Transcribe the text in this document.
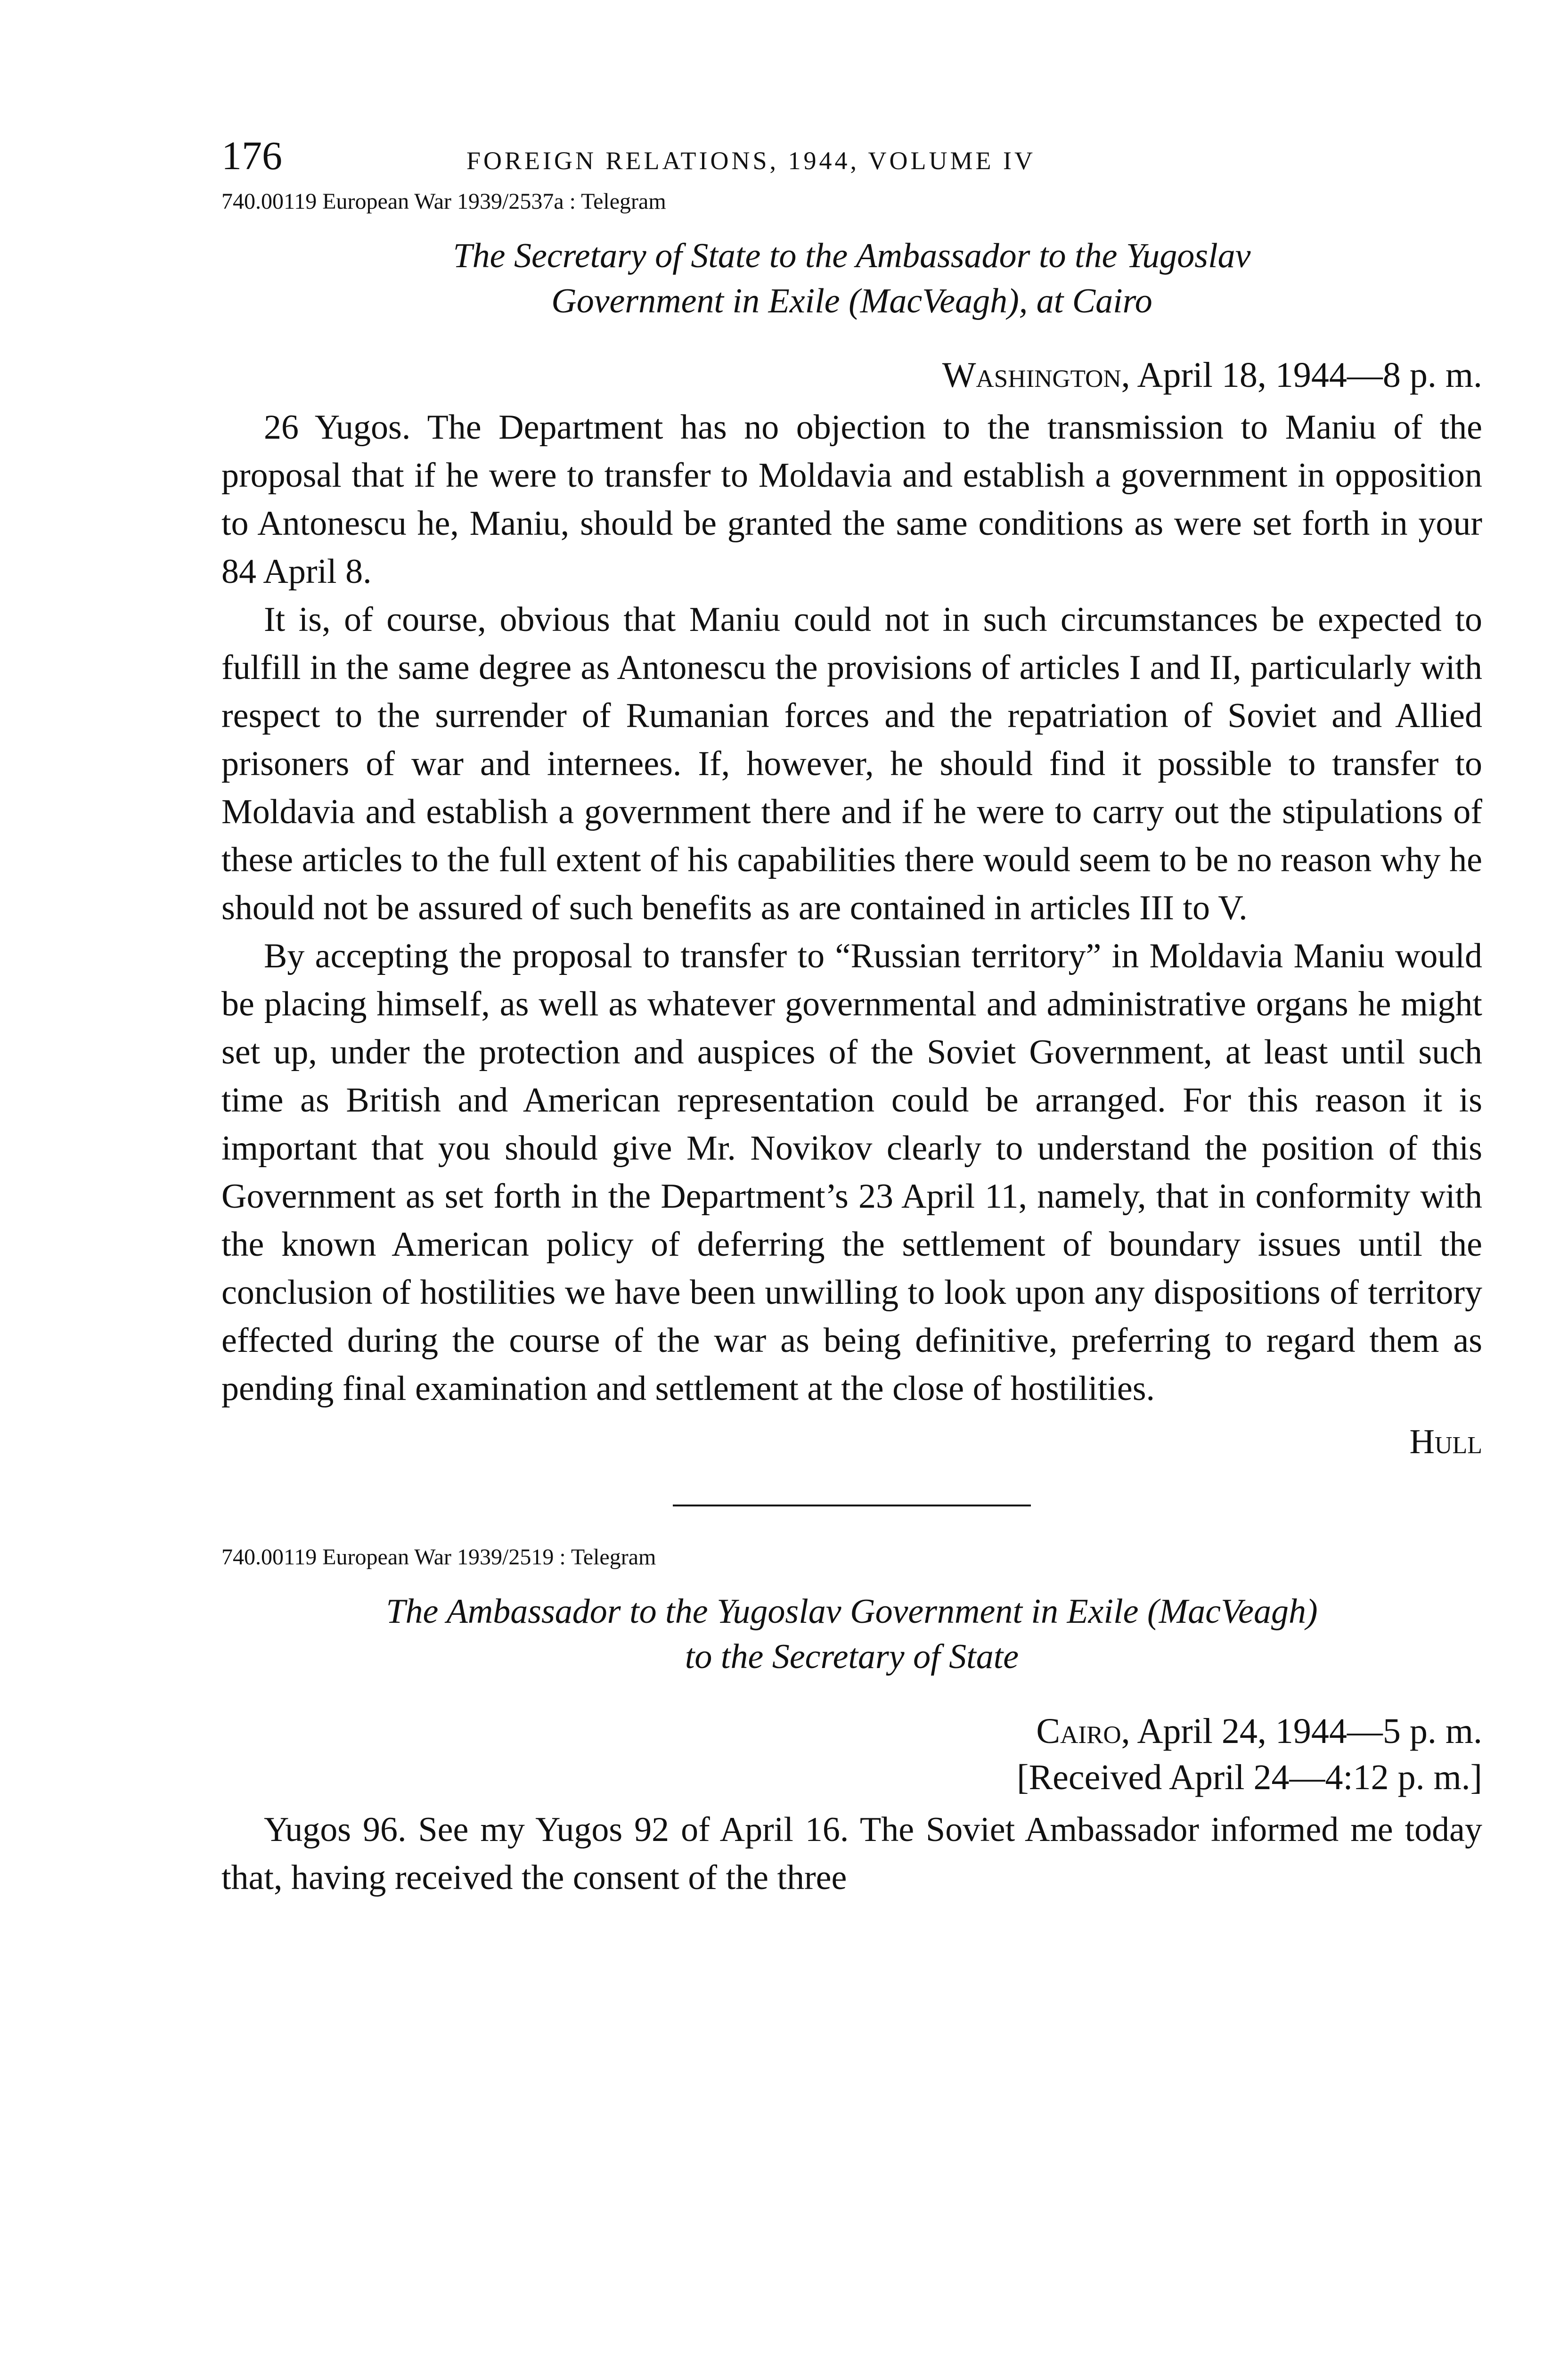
176	FOREIGN RELATIONS, 1944, VOLUME IV
740.00119 European War 1939/2537a : Telegram
The Secretary of State to the Ambassador to the Yugoslav
Government in Exile (MacVeagh), at Cairo
Washington, April 18, 1944—8 p. m.

26 Yugos. The Department has no objection to the transmission to Maniu of the proposal that if he were to transfer to Moldavia and establish a government in opposition to Antonescu he, Maniu, should be granted the same conditions as were set forth in your 84 April 8.

It is, of course, obvious that Maniu could not in such circumstances be expected to fulfill in the same degree as Antonescu the provisions of articles I and II, particularly with respect to the surrender of Rumanian forces and the repatriation of Soviet and Allied prisoners of war and internees. If, however, he should find it possible to transfer to Moldavia and establish a government there and if he were to carry out the stipulations of these articles to the full extent of his capabilities there would seem to be no reason why he should not be assured of such benefits as are contained in articles III to V.

By accepting the proposal to transfer to “Russian territory” in Moldavia Maniu would be placing himself, as well as whatever governmental and administrative organs he might set up, under the protection and auspices of the Soviet Government, at least until such time as British and American representation could be arranged. For this reason it is important that you should give Mr. Novikov clearly to understand the position of this Government as set forth in the Department’s 23 April 11, namely, that in conformity with the known American policy of deferring the settlement of boundary issues until the conclusion of hostilities we have been unwilling to look upon any dispositions of territory effected during the course of the war as being definitive, preferring to regard them as pending final examination and settlement at the close of hostilities.

Hull
740.00119 European War 1939/2519 : Telegram
The Ambassador to the Yugoslav Government in Exile (MacVeagh)
to the Secretary of State
Cairo, April 24, 1944—5 p. m.
[Received April 24—4:12 p. m.]

Yugos 96. See my Yugos 92 of April 16. The Soviet Ambassador informed me today that, having received the consent of the three
